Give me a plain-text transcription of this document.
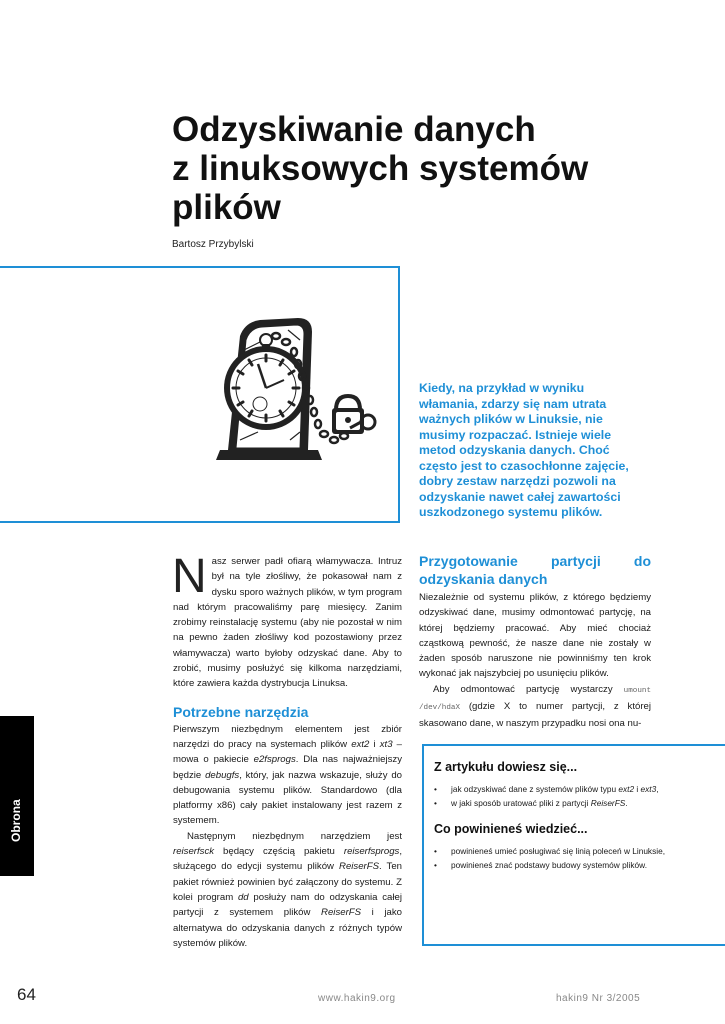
Odzyskiwanie danych
z linuksowych systemów
plików
Bartosz Przybylski

Kiedy, na przykład w wyniku włamania, zdarzy się nam utrata ważnych plików w Linuksie, nie musimy rozpaczać. Istnieje wiele metod odzyskania danych. Choć często jest to czasochłonne zajęcie, dobry zestaw narzędzi pozwoli na odzyskanie nawet całej zawartości uszkodzonego systemu plików.

Nasz serwer padł ofiarą włamywacza. Intruz był na tyle złośliwy, że pokasował nam z dysku sporo ważnych plików, w tym program nad którym pracowaliśmy parę miesięcy. Zanim zrobimy reinstalację systemu (aby nie pozostał w nim na pewno żaden złośliwy kod pozostawiony przez włamywacza) warto byłoby odzyskać dane. Aby to zrobić, musimy posłużyć się kilkoma narzędziami, które zawiera każda dystrybucja Linuksa.

Potrzebne narzędzia

Pierwszym niezbędnym elementem jest zbiór narzędzi do pracy na systemach plików ext2 i xt3 – mowa o pakiecie e2fsprogs. Dla nas najważniejszy będzie debugfs, który, jak nazwa wskazuje, służy do debugowania systemu plików. Standardowo (dla platformy x86) cały pakiet instalowany jest razem z systemem.

Następnym niezbędnym narzędziem jest reiserfsck będący częścią pakietu reiserfsprogs, służącego do edycji systemu plików ReiserFS. Ten pakiet również powinien być załączony do systemu. Z kolei program dd posłuży nam do odzyskania całej partycji z systemem plików ReiserFS i jako alternatywa do odzyskania danych z różnych typów systemów plików.

Przygotowanie partycji do odzyskania danych

Niezależnie od systemu plików, z którego będziemy odzyskiwać dane, musimy odmontować partycję, na której będziemy pracować. Aby mieć chociaż cząstkową pewność, że nasze dane nie zostały w żaden sposób naruszone nie powinniśmy ten krok wykonać jak najszybciej po usunięciu plików.

Aby odmontować partycję wystarczy umount /dev/hdaX (gdzie X to numer partycji, z której skasowano dane, w naszym przypadku nosi ona nu-

Z artykułu dowiesz się...
• jak odzyskiwać dane z systemów plików typu ext2 i ext3,
• w jaki sposób uratować pliki z partycji ReiserFS.
Co powinieneś wiedzieć...
• powinieneś umieć posługiwać się linią poleceń w Linuksie,
• powinieneś znać podstawy budowy systemów plików.
Obrona
64	www.hakin9.org	hakin9 Nr 3/2005
